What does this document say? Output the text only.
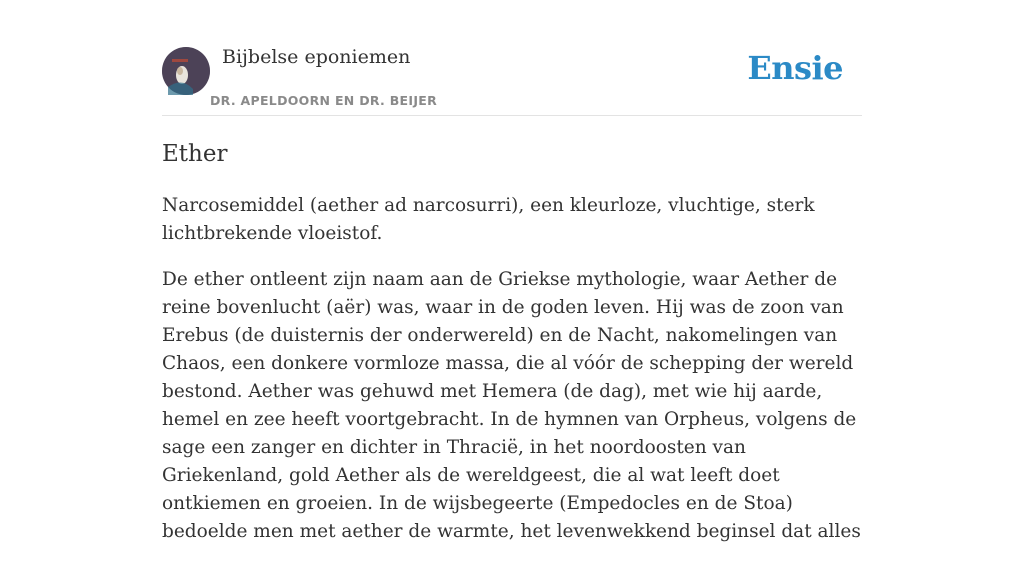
Bijbelse eponiemen
DR. APELDOORN EN DR. BEIJER
Ensie
Ether

Narcosemiddel (aether ad narcosurri), een kleurloze, vluchtige, sterk lichtbrekende vloeistof.

De ether ontleent zijn naam aan de Griekse mythologie, waar Aether de reine bovenlucht (aër) was, waar in de goden leven. Hij was de zoon van Erebus (de duisternis der onderwereld) en de Nacht, nakomelingen van Chaos, een donkere vormloze massa, die al vóór de schepping der wereld bestond. Aether was gehuwd met Hemera (de dag), met wie hij aarde, hemel en zee heeft voortgebracht. In de hymnen van Orpheus, volgens de sage een zanger en dichter in Thracië, in het noordoosten van Griekenland, gold Aether als de wereldgeest, die al wat leeft doet ontkiemen en groeien. In de wijsbegeerte (Empedocles en de Stoa) bedoelde men met aether de warmte, het levenwekkend beginsel dat alles
